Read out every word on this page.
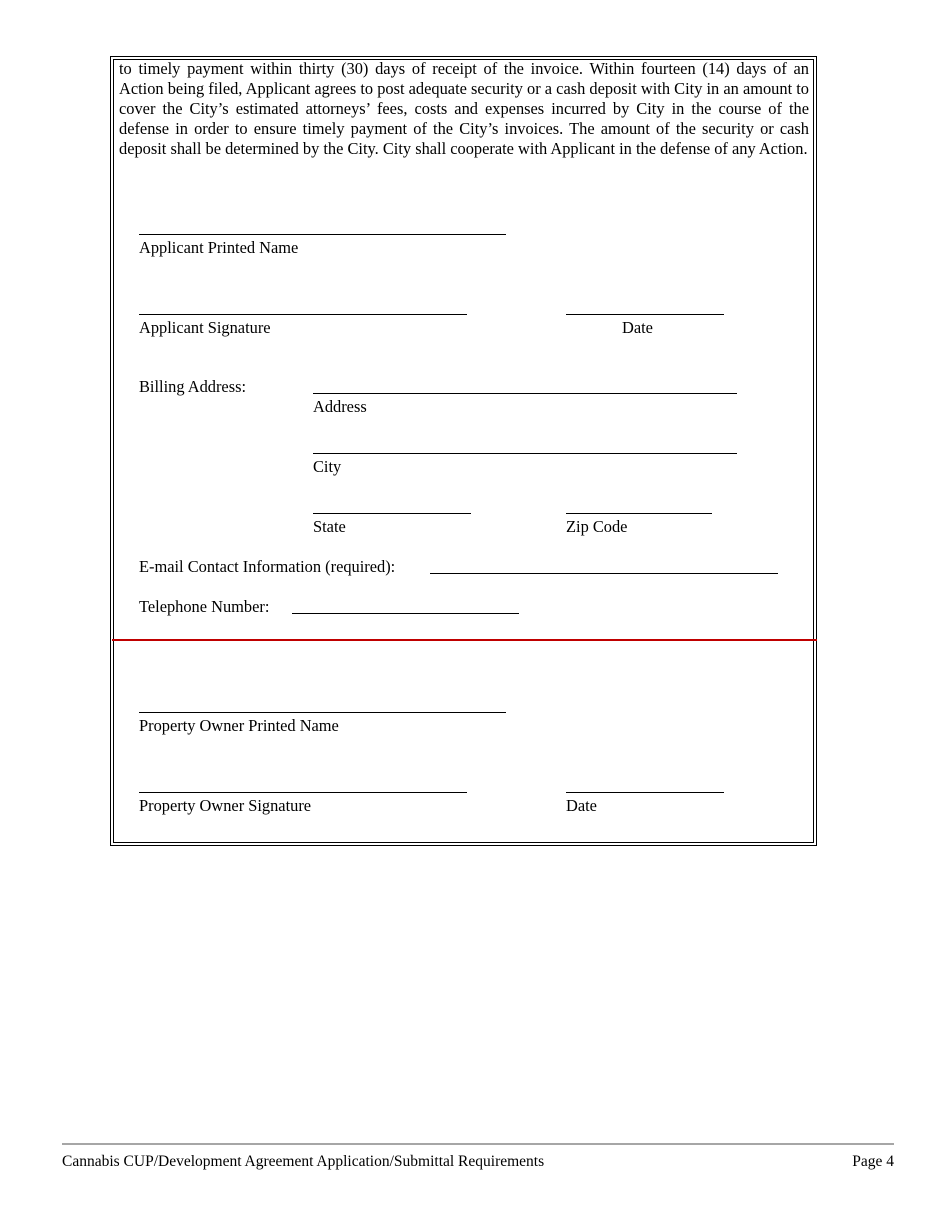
to timely payment within thirty (30) days of receipt of the invoice. Within fourteen (14) days of an Action being filed, Applicant agrees to post adequate security or a cash deposit with City in an amount to cover the City’s estimated attorneys’ fees, costs and expenses incurred by City in the course of the defense in order to ensure timely payment of the City’s invoices. The amount of the security or cash deposit shall be determined by the City. City shall cooperate with Applicant in the defense of any Action.

Applicant Printed Name
Applicant Signature	Date
Billing Address:
Address
City
State	Zip Code
E-mail Contact Information (required):
Telephone Number:
Property Owner Printed Name
Property Owner Signature	Date
Cannabis CUP/Development Agreement Application/Submittal Requirements	Page 4
